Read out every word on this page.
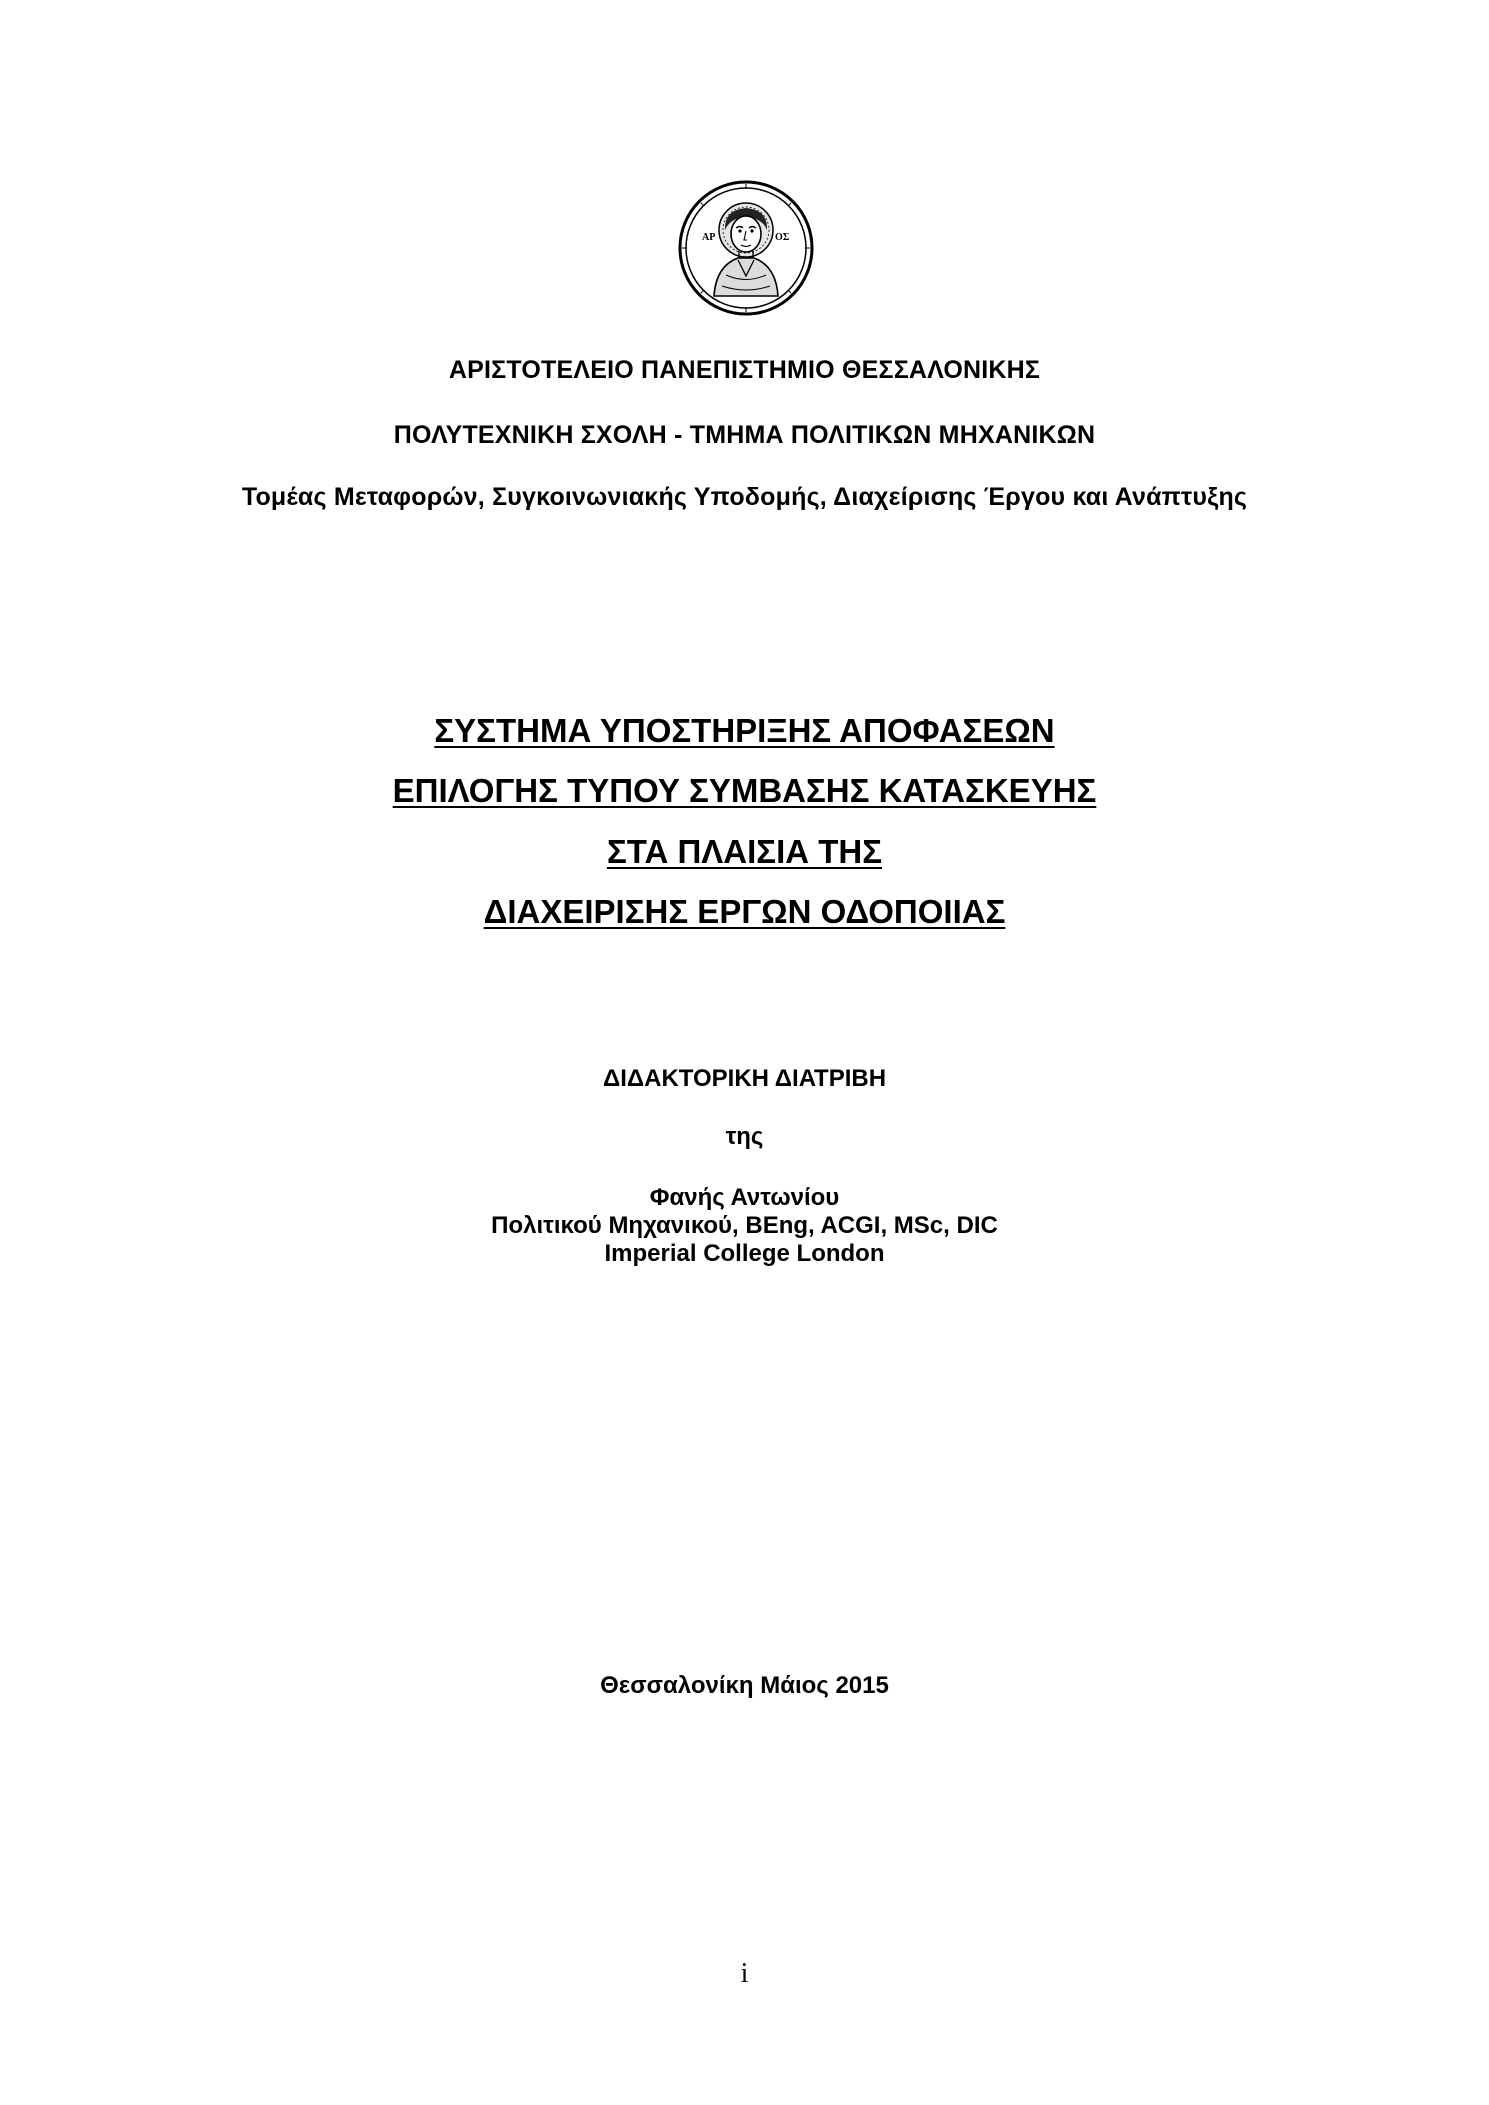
ΑΡ	ΟΣ
ΑΡΙΣΤΟΤΕΛΕΙΟ ΠΑΝΕΠΙΣΤΗΜΙΟ ΘΕΣΣΑΛΟΝΙΚΗΣ
ΠΟΛΥΤΕΧΝΙΚΗ ΣΧΟΛΗ - ΤΜΗΜΑ ΠΟΛΙΤΙΚΩΝ ΜΗΧΑΝΙΚΩΝ
Τομέας Μεταφορών, Συγκοινωνιακής Υποδομής, Διαχείρισης Έργου και Ανάπτυξης
ΣΥΣΤΗΜΑ ΥΠΟΣΤΗΡΙΞΗΣ ΑΠΟΦΑΣΕΩΝ
ΕΠΙΛΟΓΗΣ ΤΥΠΟΥ ΣΥΜΒΑΣΗΣ ΚΑΤΑΣΚΕΥΗΣ
ΣΤΑ ΠΛΑΙΣΙΑ ΤΗΣ
ΔΙΑΧΕΙΡΙΣΗΣ ΕΡΓΩΝ ΟΔΟΠΟΙΙΑΣ
ΔΙΔΑΚΤΟΡΙΚΗ ΔΙΑΤΡΙΒΗ
της
Φανής Αντωνίου
Πολιτικού Μηχανικού, BEng, ACGI, MSc, DIC
Imperial College London
Θεσσαλονίκη Μάιος 2015
i
